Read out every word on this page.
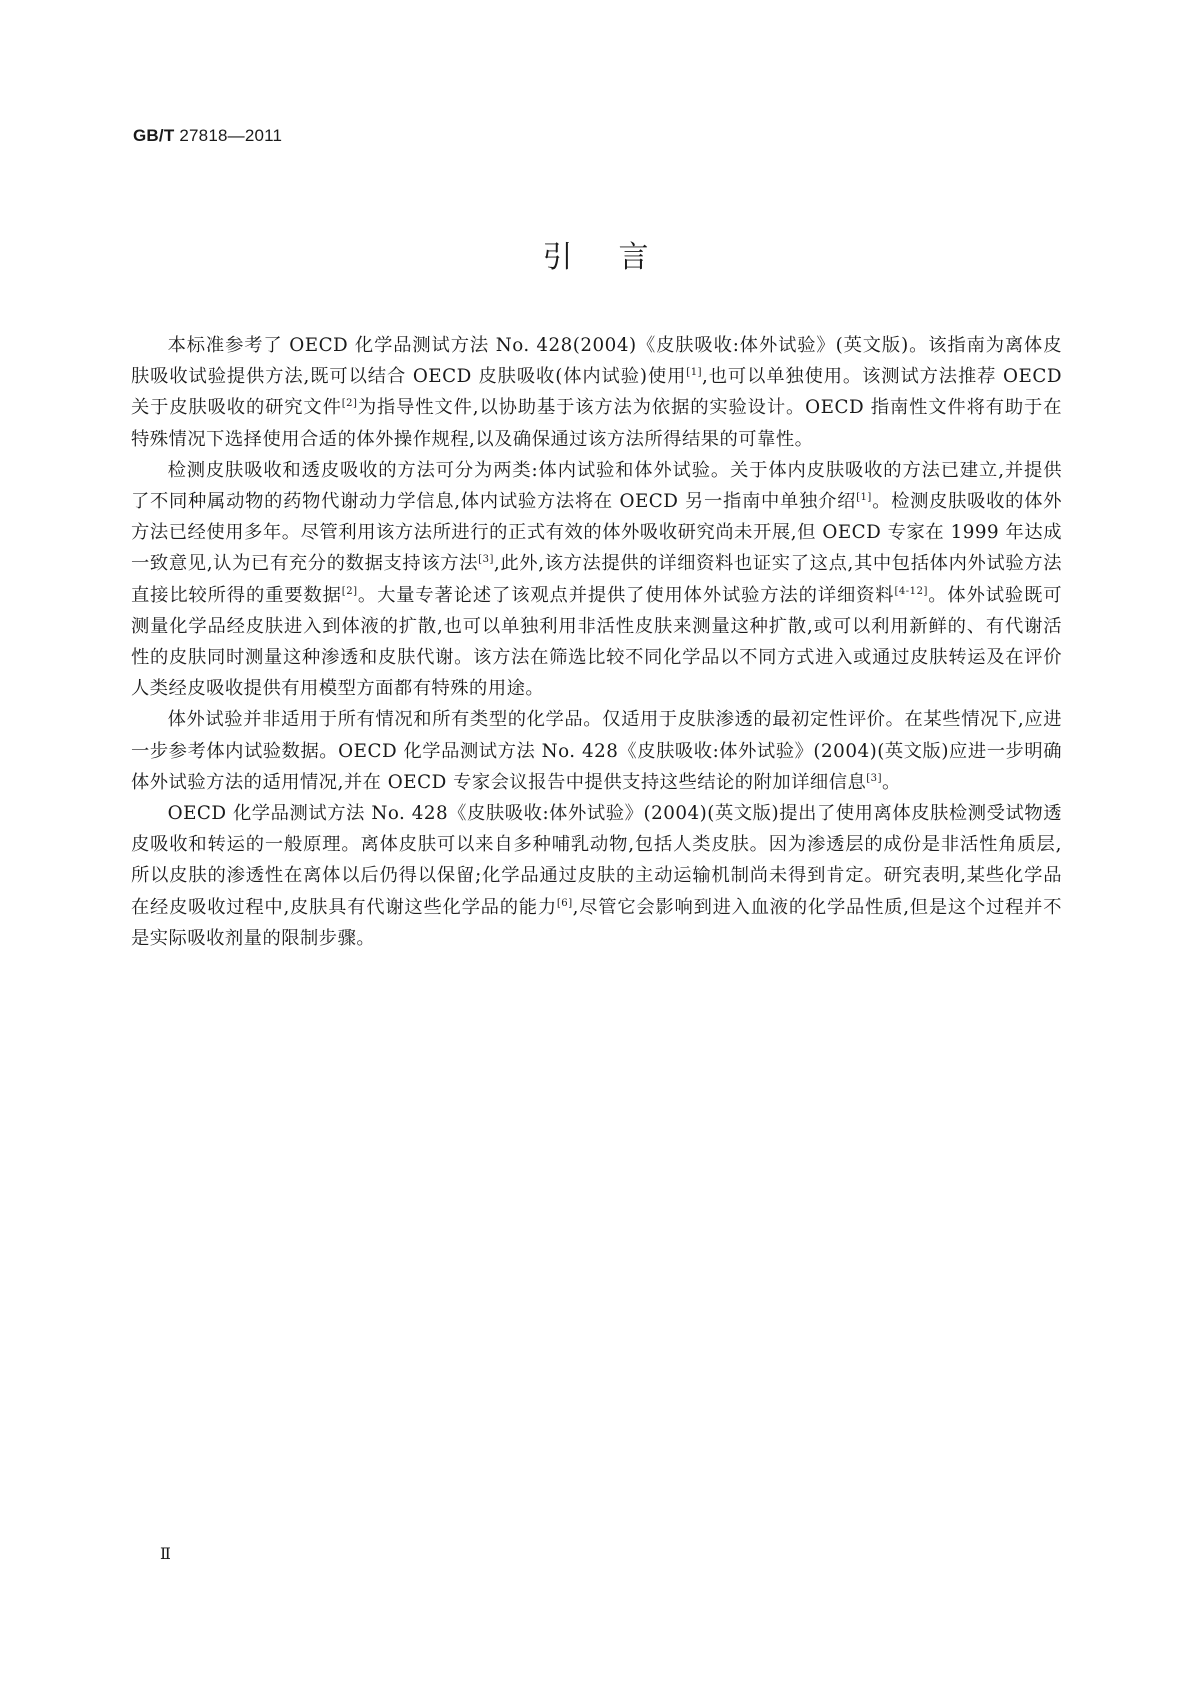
GB/T 27818—2011
引言

本标准参考了 OECD 化学品测试方法 No. 428(2004)《皮肤吸收:体外试验》(英文版)。该指南为离体皮肤吸收试验提供方法,既可以结合 OECD 皮肤吸收(体内试验)使用[1],也可以单独使用。该测试方法推荐 OECD 关于皮肤吸收的研究文件[2]为指导性文件,以协助基于该方法为依据的实验设计。OECD 指南性文件将有助于在特殊情况下选择使用合适的体外操作规程,以及确保通过该方法所得结果的可靠性。

检测皮肤吸收和透皮吸收的方法可分为两类:体内试验和体外试验。关于体内皮肤吸收的方法已建立,并提供了不同种属动物的药物代谢动力学信息,体内试验方法将在 OECD 另一指南中单独介绍[1]。检测皮肤吸收的体外方法已经使用多年。尽管利用该方法所进行的正式有效的体外吸收研究尚未开展,但 OECD 专家在 1999 年达成一致意见,认为已有充分的数据支持该方法[3],此外,该方法提供的详细资料也证实了这点,其中包括体内外试验方法直接比较所得的重要数据[2]。大量专著论述了该观点并提供了使用体外试验方法的详细资料[4-12]。体外试验既可测量化学品经皮肤进入到体液的扩散,也可以单独利用非活性皮肤来测量这种扩散,或可以利用新鲜的、有代谢活性的皮肤同时测量这种渗透和皮肤代谢。该方法在筛选比较不同化学品以不同方式进入或通过皮肤转运及在评价人类经皮吸收提供有用模型方面都有特殊的用途。

体外试验并非适用于所有情况和所有类型的化学品。仅适用于皮肤渗透的最初定性评价。在某些情况下,应进一步参考体内试验数据。OECD 化学品测试方法 No. 428《皮肤吸收:体外试验》(2004)(英文版)应进一步明确体外试验方法的适用情况,并在 OECD 专家会议报告中提供支持这些结论的附加详细信息[3]。

OECD 化学品测试方法 No. 428《皮肤吸收:体外试验》(2004)(英文版)提出了使用离体皮肤检测受试物透皮吸收和转运的一般原理。离体皮肤可以来自多种哺乳动物,包括人类皮肤。因为渗透层的成份是非活性角质层,所以皮肤的渗透性在离体以后仍得以保留;化学品通过皮肤的主动运输机制尚未得到肯定。研究表明,某些化学品在经皮吸收过程中,皮肤具有代谢这些化学品的能力[6],尽管它会影响到进入血液的化学品性质,但是这个过程并不是实际吸收剂量的限制步骤。

Ⅱ
